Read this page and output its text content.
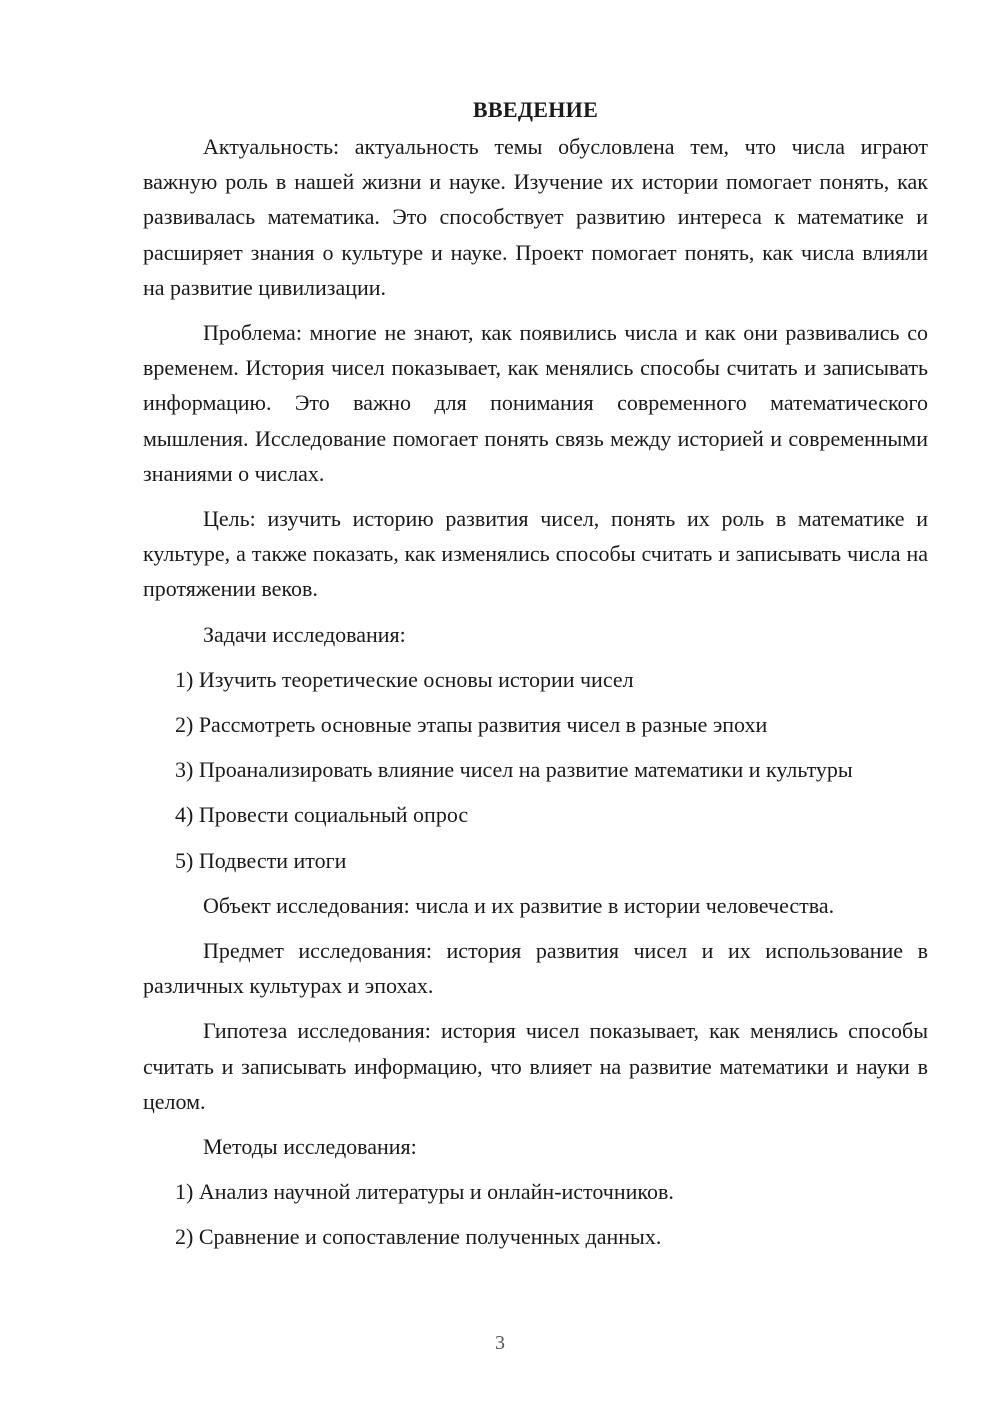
ВВЕДЕНИЕ

Актуальность: актуальность темы обусловлена тем, что числа играют важную роль в нашей жизни и науке. Изучение их истории помогает понять, как развивалась математика. Это способствует развитию интереса к математике и расширяет знания о культуре и науке. Проект помогает понять, как числа влияли на развитие цивилизации.

Проблема: многие не знают, как появились числа и как они развивались со временем. История чисел показывает, как менялись способы считать и записывать информацию. Это важно для понимания современного математического мышления. Исследование помогает понять связь между историей и современными знаниями о числах.

Цель: изучить историю развития чисел, понять их роль в математике и культуре, а также показать, как изменялись способы считать и записывать числа на протяжении веков.

Задачи исследования:

1) Изучить теоретические основы истории чисел

2) Рассмотреть основные этапы развития чисел в разные эпохи

3) Проанализировать влияние чисел на развитие математики и культуры

4) Провести социальный опрос

5) Подвести итоги

Объект исследования: числа и их развитие в истории человечества.

Предмет исследования: история развития чисел и их использование в различных культурах и эпохах.

Гипотеза исследования: история чисел показывает, как менялись способы считать и записывать информацию, что влияет на развитие математики и науки в целом.

Методы исследования:

1) Анализ научной литературы и онлайн-источников.

2) Сравнение и сопоставление полученных данных.

3
